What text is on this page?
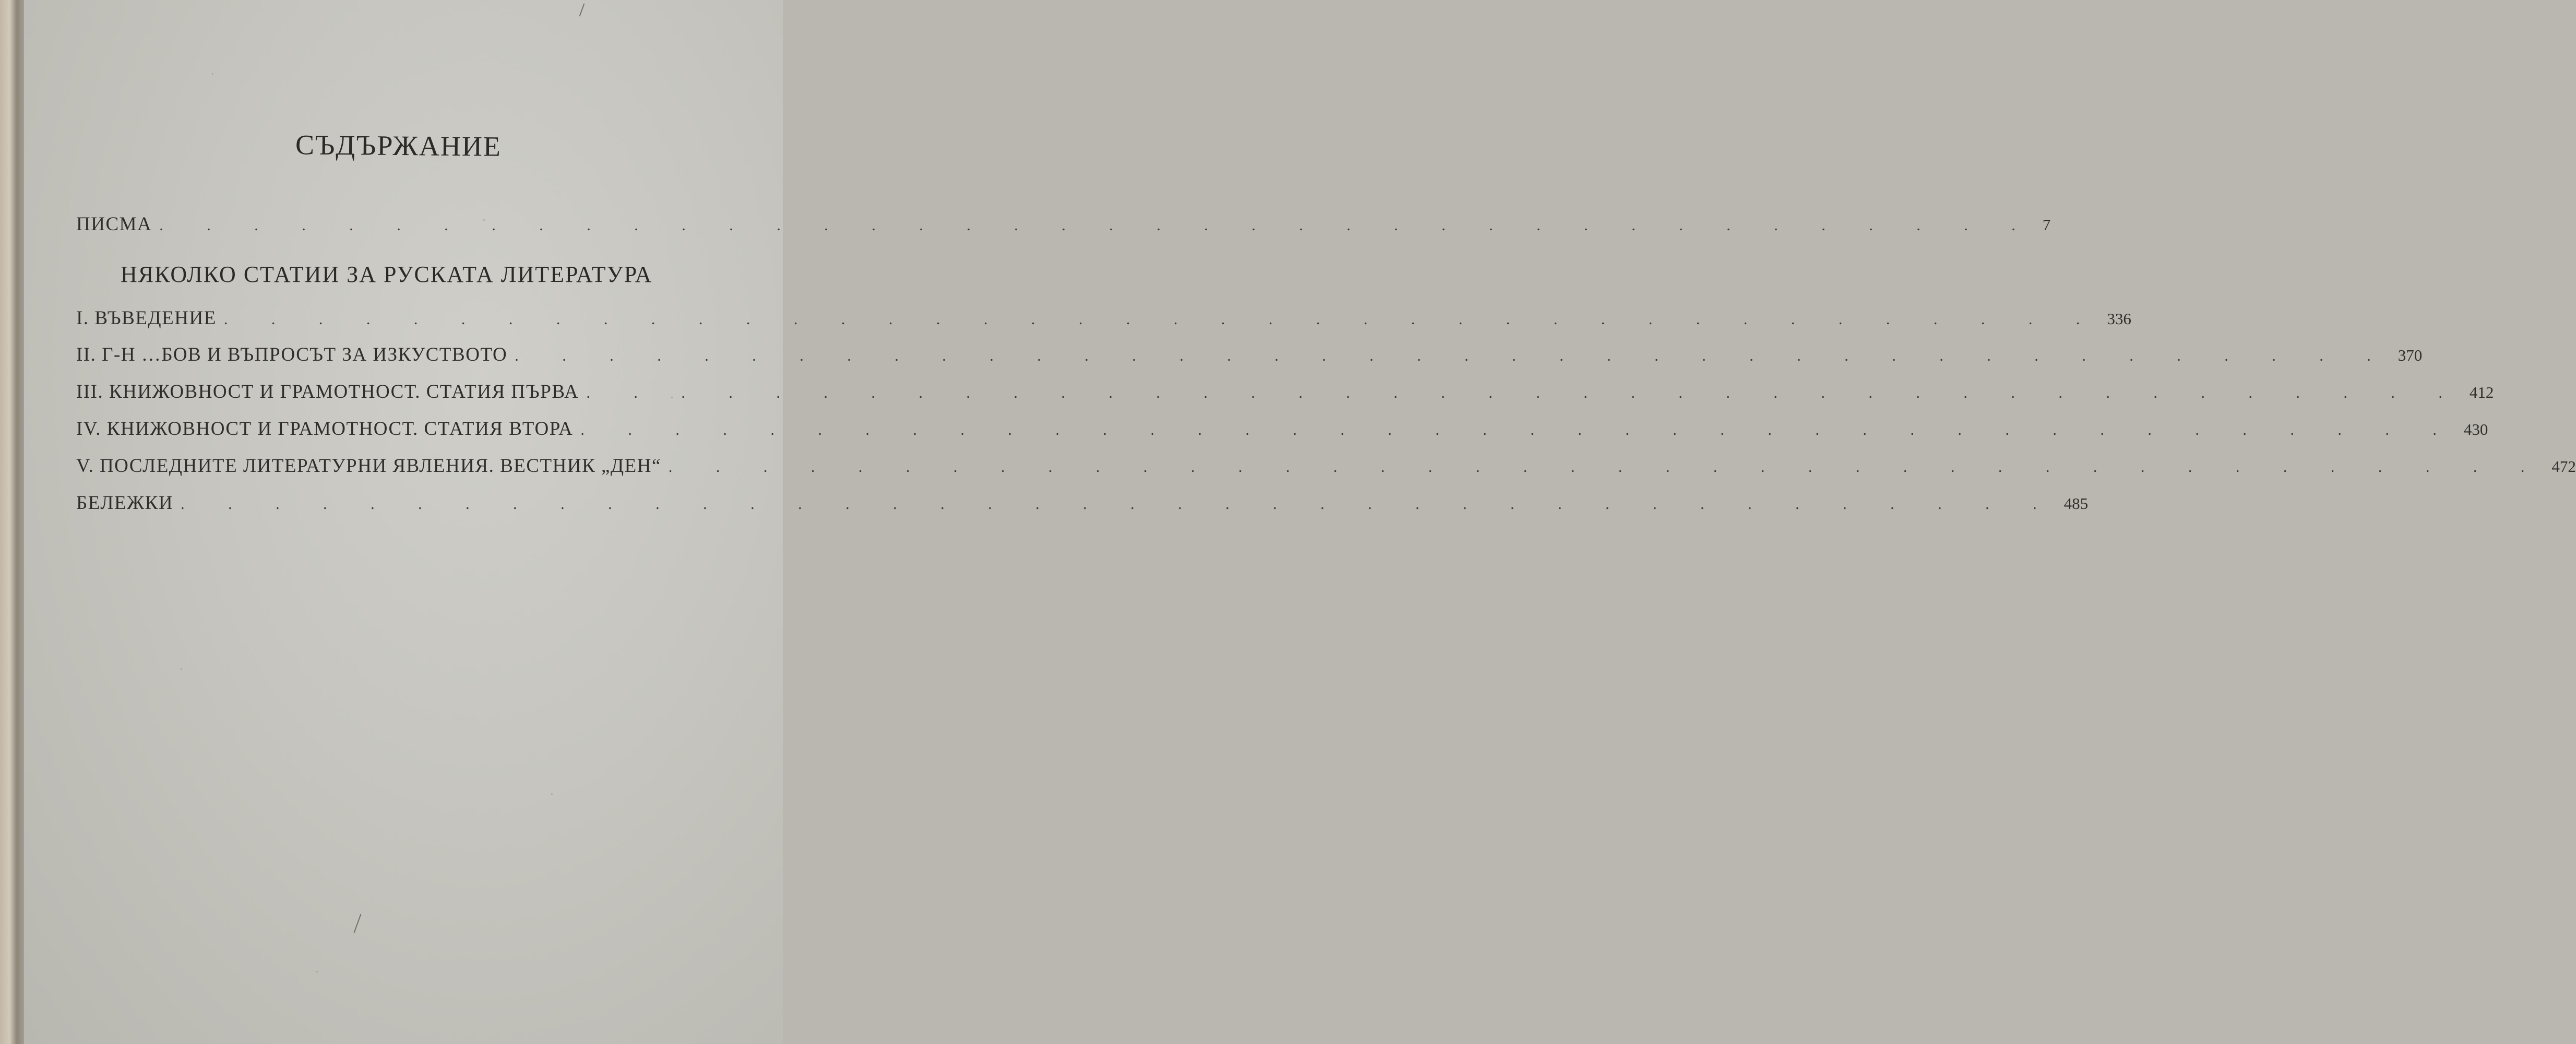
СЪДЪРЖАНИЕ
ПИСМА . . . . . . . . . . . . . . . . . . . . . . . . . . . . . . . . . . . . . . . . 7
НЯКОЛКО СТАТИИ ЗА РУСКАТА ЛИТЕРАТУРА
I. ВЪВЕДЕНИЕ . . . . . . . . . . . . . . . . . . . . . . . . . . . . . . . . . . . . . . . . 336
II. Г-Н …БОВ И ВЪПРОСЪТ ЗА ИЗКУСТВОТО . . . . . . . . . . . . . . . . . . . . . . . . . . . . . . . . . . . . . . . . 370
III. КНИЖОВНОСТ И ГРАМОТНОСТ. СТАТИЯ ПЪРВА . . . . . . . . . . . . . . . . . . . . . . . . . . . . . . . . . . . . . . . . 412
IV. КНИЖОВНОСТ И ГРАМОТНОСТ. СТАТИЯ ВТОРА . . . . . . . . . . . . . . . . . . . . . . . . . . . . . . . . . . . . . . . . 430
V. ПОСЛЕДНИТЕ ЛИТЕРАТУРНИ ЯВЛЕНИЯ. ВЕСТНИК „ДЕН“ . . . . . . . . . . . . . . . . . . . . . . . . . . . . . . . . . . . . . . . . 472
БЕЛЕЖКИ . . . . . . . . . . . . . . . . . . . . . . . . . . . . . . . . . . . . . . . . 485
